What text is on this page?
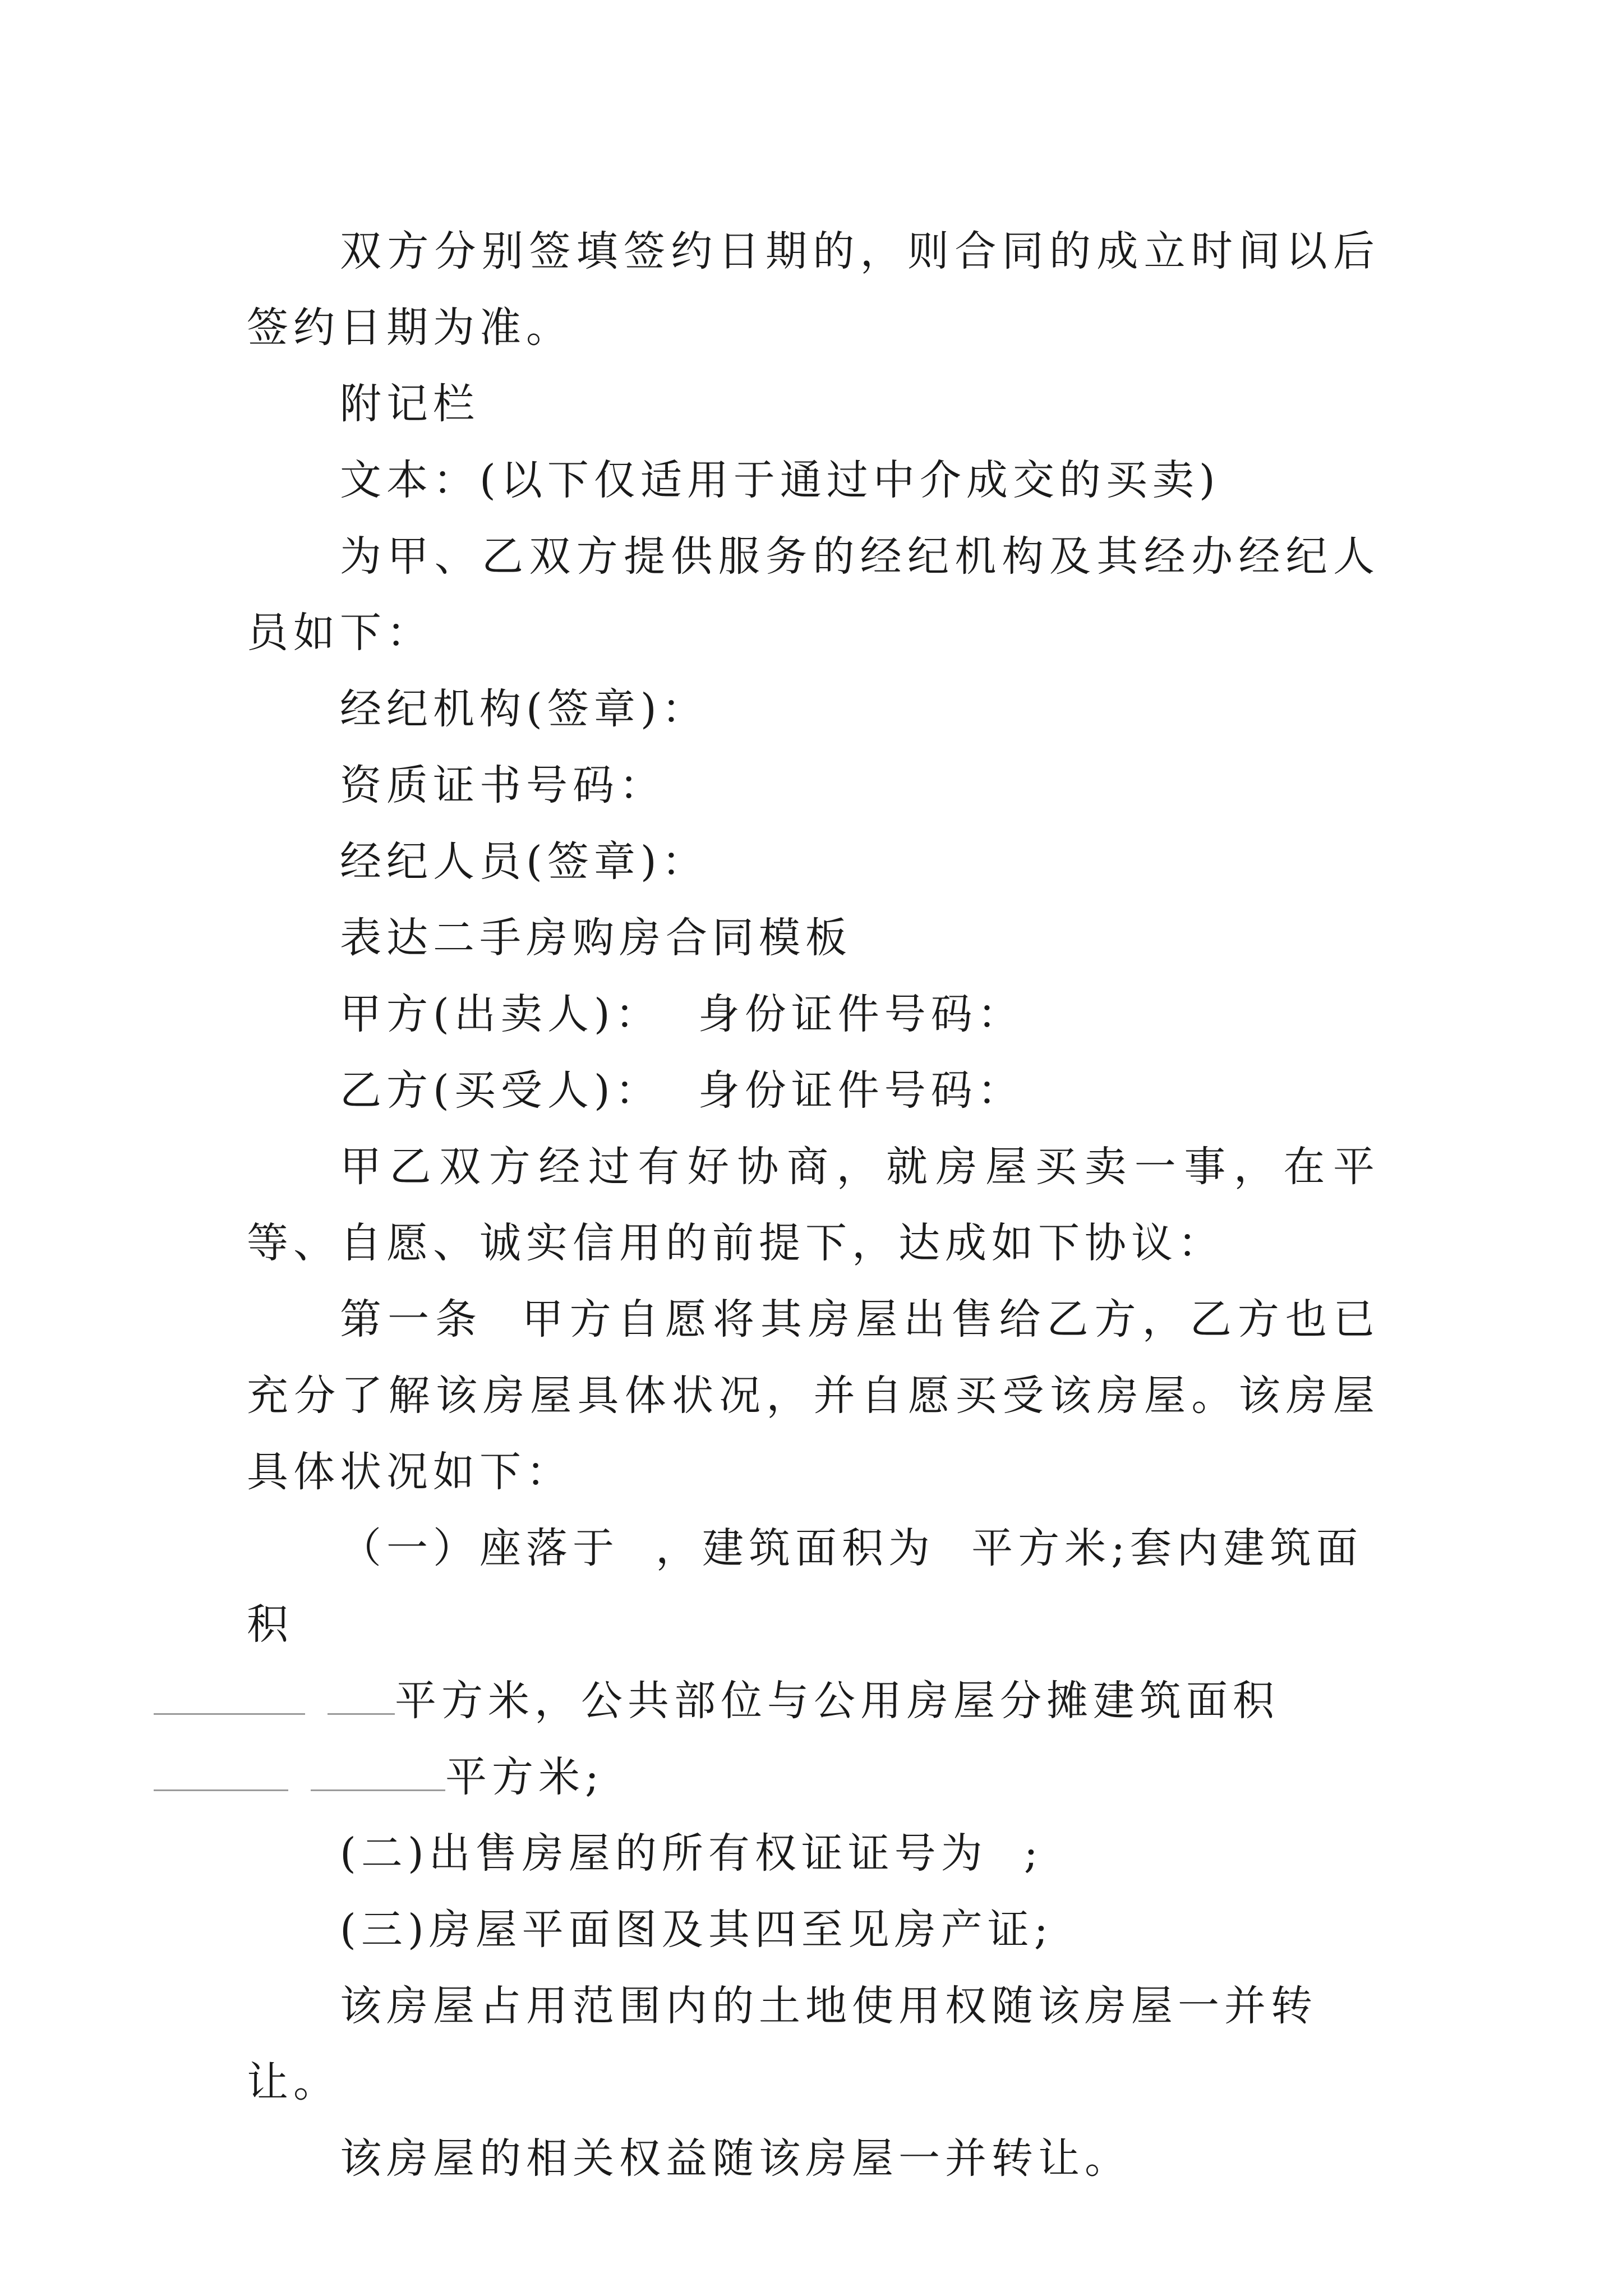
双方分别签填签约日期的，则合同的成立时间以后签约日期为准。

附记栏

文本：(以下仅适用于通过中介成交的买卖)

为甲、乙双方提供服务的经纪机构及其经办经纪人员如下：

经纪机构(签章)：

资质证书号码：

经纪人员(签章)：

表达二手房购房合同模板

甲方(出卖人)：  身份证件号码：

乙方(买受人)：  身份证件号码：

甲乙双方经过有好协商，就房屋买卖一事，在平等、自愿、诚实信用的前提下，达成如下协议：

第一条  甲方自愿将其房屋出售给乙方，乙方也已充分了解该房屋具体状况，并自愿买受该房屋。该房屋具体状况如下：

（一）座落于  ，建筑面积为  平方米;套内建筑面积
平方米，公共部位与公用房屋分摊建筑面积
平方米;

(二)出售房屋的所有权证证号为  ;

(三)房屋平面图及其四至见房产证;

该房屋占用范围内的土地使用权随该房屋一并转让。

该房屋的相关权益随该房屋一并转让。
